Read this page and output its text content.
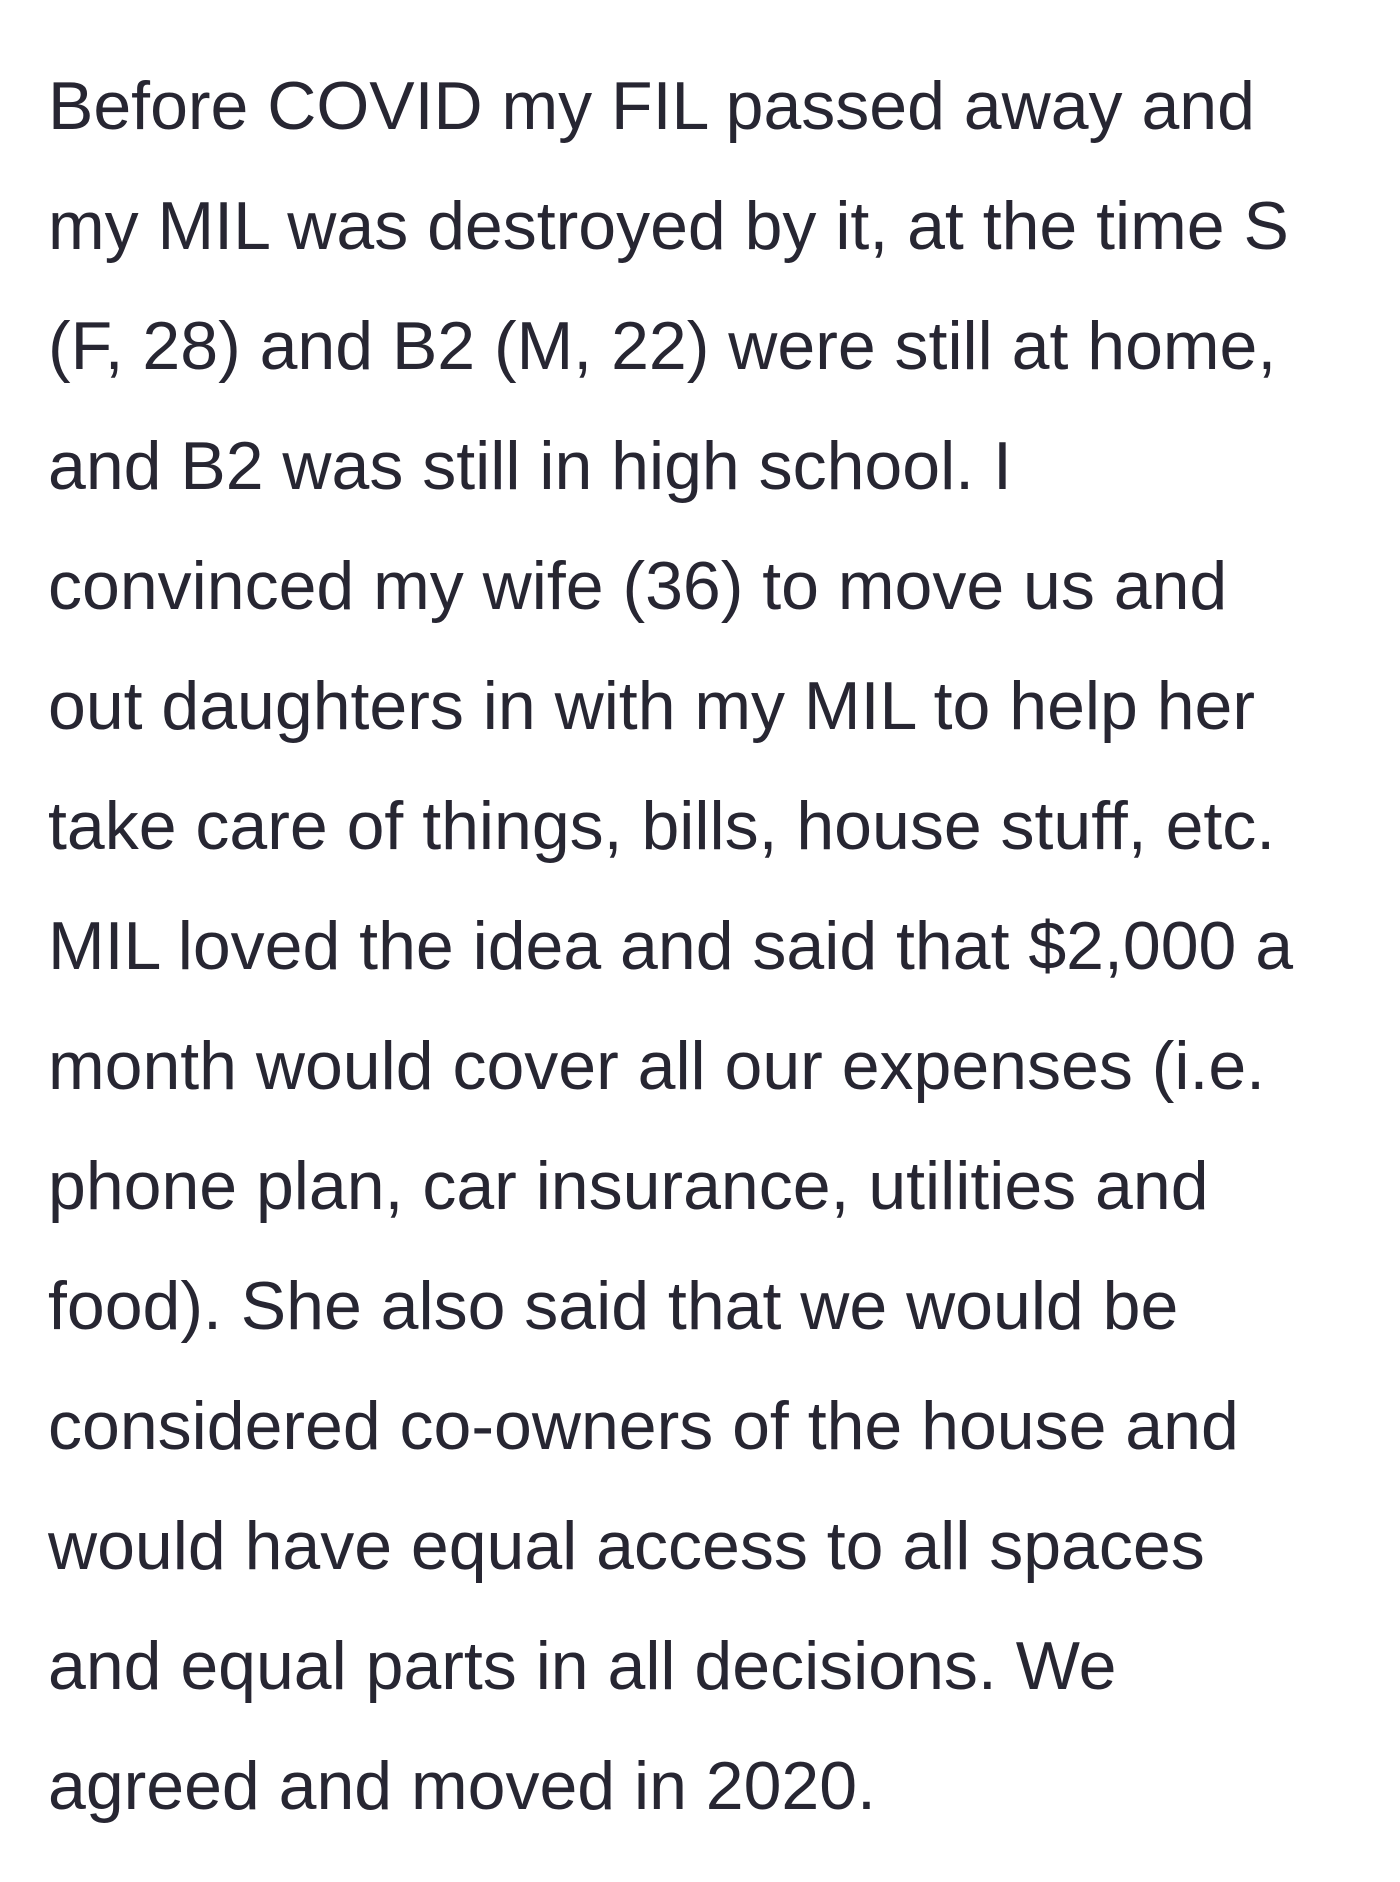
Before COVID my FIL passed away and
my MIL was destroyed by it, at the time S
(F, 28) and B2 (M, 22) were still at home,
and B2 was still in high school. I
convinced my wife (36) to move us and
out daughters in with my MIL to help her
take care of things, bills, house stuff, etc.
MIL loved the idea and said that $2,000 a
month would cover all our expenses (i.e.
phone plan, car insurance, utilities and
food). She also said that we would be
considered co-owners of the house and
would have equal access to all spaces
and equal parts in all decisions. We
agreed and moved in 2020.
